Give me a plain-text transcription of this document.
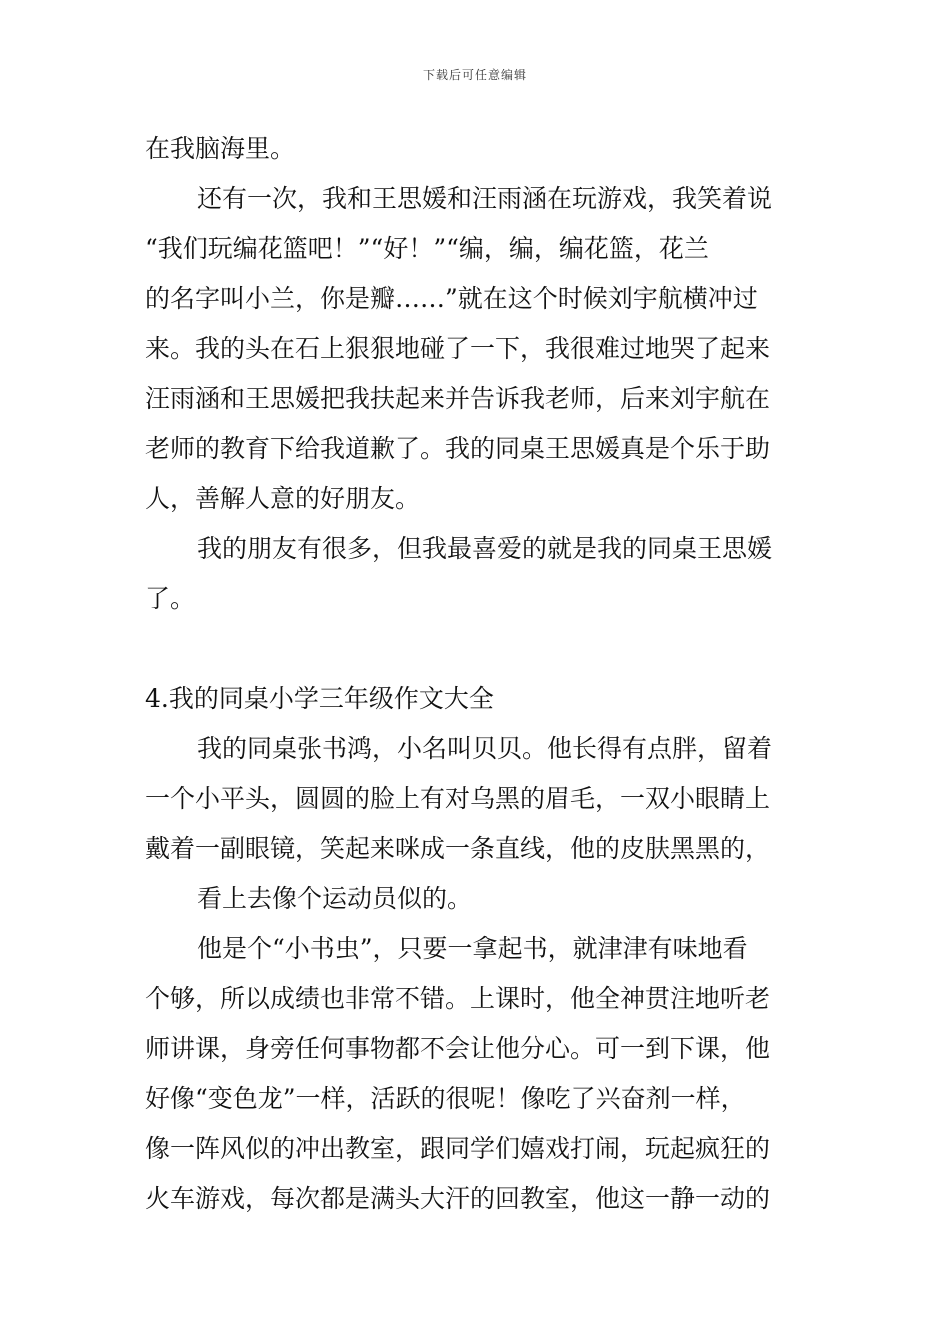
下载后可任意编辑
在我脑海里。
还有一次，我和王思媛和汪雨涵在玩游戏，我笑着说
“我们玩编花篮吧！”“好！”“编，编，编花篮，花兰
的名字叫小兰，你是瓣……”就在这个时候刘宇航横冲过
来。我的头在石上狠狠地碰了一下，我很难过地哭了起来
汪雨涵和王思媛把我扶起来并告诉我老师，后来刘宇航在
老师的教育下给我道歉了。我的同桌王思媛真是个乐于助
人，善解人意的好朋友。
我的朋友有很多，但我最喜爱的就是我的同桌王思媛
了。
4.我的同桌小学三年级作文大全
我的同桌张书鸿，小名叫贝贝。他长得有点胖，留着
一个小平头，圆圆的脸上有对乌黑的眉毛，一双小眼睛上
戴着一副眼镜，笑起来咪成一条直线，他的皮肤黑黑的，
看上去像个运动员似的。
他是个“小书虫”，只要一拿起书，就津津有味地看
个够，所以成绩也非常不错。上课时，他全神贯注地听老
师讲课，身旁任何事物都不会让他分心。可一到下课，他
好像“变色龙”一样，活跃的很呢！像吃了兴奋剂一样，
像一阵风似的冲出教室，跟同学们嬉戏打闹，玩起疯狂的
火车游戏，每次都是满头大汗的回教室，他这一静一动的
